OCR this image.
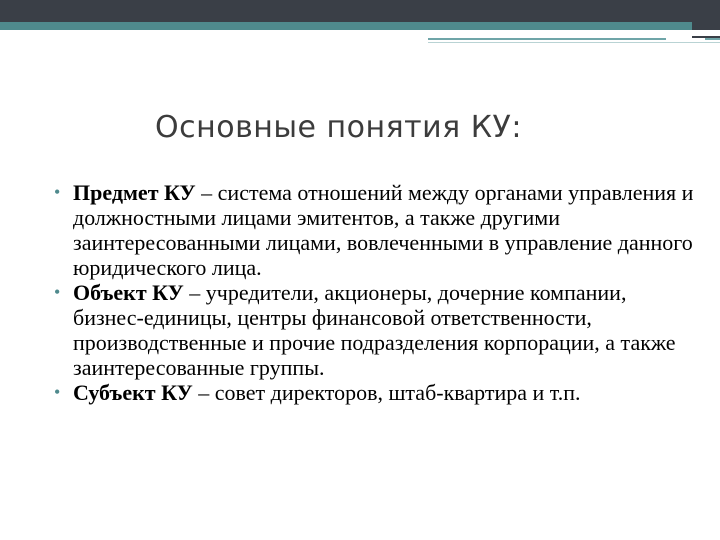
Основные понятия КУ:
• Предмет КУ – система отношений между органами управления и должностными лицами эмитентов, а также другими заинтересованными лицами, вовлеченными в управление данного юридического лица.
• Объект КУ – учредители, акционеры, дочерние компании, бизнес-единицы, центры финансовой ответственности, производственные и прочие подразделения корпорации, а также заинтересованные группы.
• Субъект КУ – совет директоров, штаб-квартира и т.п.
